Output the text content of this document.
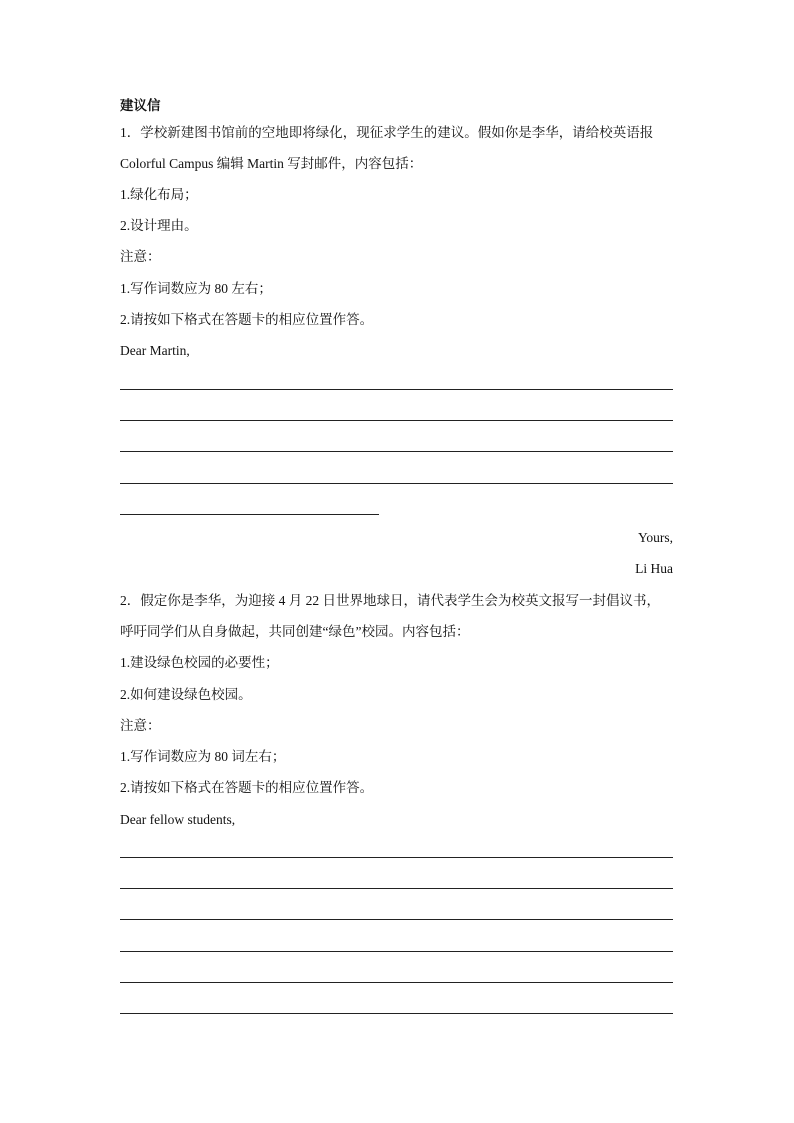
建议信
1．学校新建图书馆前的空地即将绿化，现征求学生的建议。假如你是李华，请给校英语报
Colorful Campus 编辑 Martin 写封邮件，内容包括：
1.绿化布局；
2.设计理由。
注意：
1.写作词数应为 80 左右；
2.请按如下格式在答题卡的相应位置作答。
Dear Martin,
Yours,
Li Hua
2．假定你是李华，为迎接 4 月 22 日世界地球日，请代表学生会为校英文报写一封倡议书，
呼吁同学们从自身做起，共同创建“绿色”校园。内容包括：
1.建设绿色校园的必要性；
2.如何建设绿色校园。
注意：
1.写作词数应为 80 词左右；
2.请按如下格式在答题卡的相应位置作答。
Dear fellow students,
